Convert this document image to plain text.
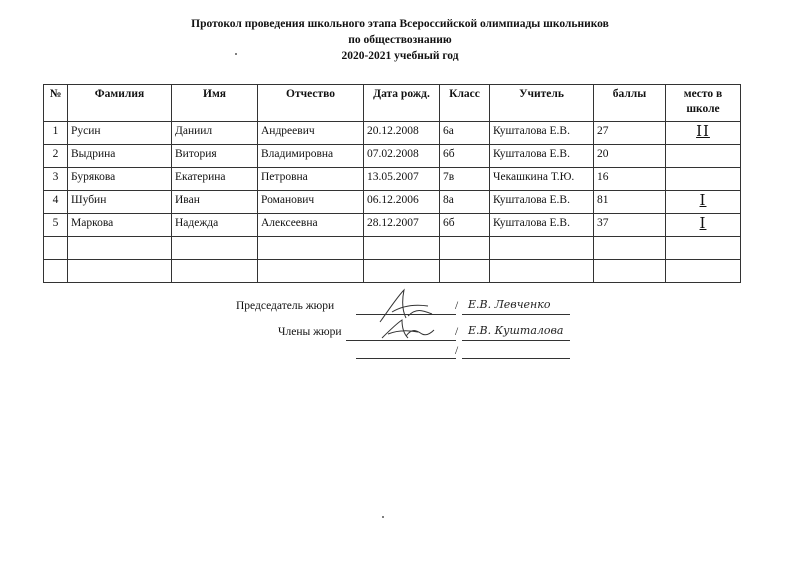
Протокол проведения школьного этапа Всероссийской олимпиады школьников
по обществознанию
2020-2021 учебный год
№	Фамилия	Имя	Отчество	Дата рожд.	Класс	Учитель	баллы	место в школе
1	Русин	Даниил	Андреевич	20.12.2008	6а	Кушталова Е.В.	27	II
2	Выдрина	Витория	Владимировна	07.02.2008	6б	Кушталова Е.В.	20	
3	Бурякова	Екатерина	Петровна	13.05.2007	7в	Чекашкина Т.Ю.	16	
4	Шубин	Иван	Романович	06.12.2006	8а	Кушталова Е.В.	81	I
5	Маркова	Надежда	Алексеевна	28.12.2007	6б	Кушталова Е.В.	37	I

Председатель жюри	/ Е.В. Левченко
Члены жюри	/ Е.В. Кушталова
/
